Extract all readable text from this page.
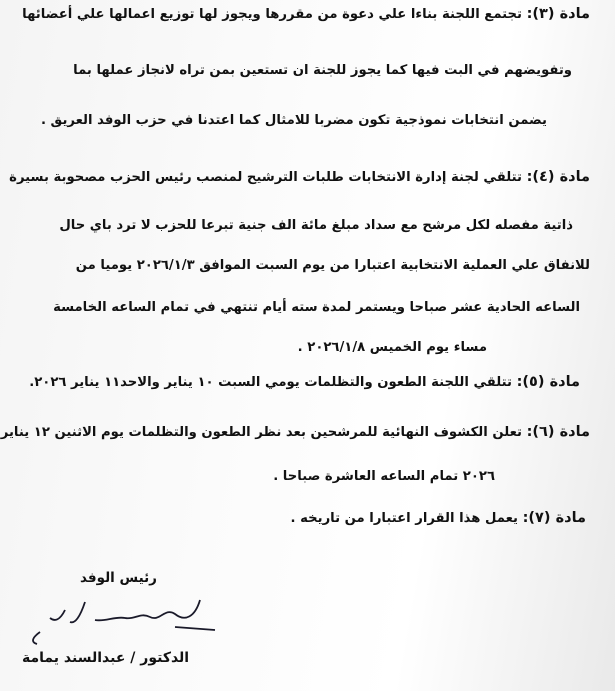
مادة (٣): تجتمع اللجنة بناءا علي دعوة من مقررها ويجوز لها توزيع اعمالها علي أعضائها
وتفويضهم في البت فيها كما يجوز للجنة ان تستعين بمن تراه لانجاز عملها بما
يضمن انتخابات نموذجية تكون مضربا للامثال كما اعتدنا في حزب الوفد العريق .
مادة (٤): تتلقي لجنة إدارة الانتخابات طلبات الترشيح لمنصب رئيس الحزب مصحوبة بسيرة
ذاتية مفصله لكل مرشح مع سداد مبلغ مائة الف جنية تبرعا للحزب لا ترد باي حال
للانفاق علي العملية الانتخابية اعتبارا من يوم السبت الموافق ٢٠٢٦/١/٣ يوميا من
الساعه الحادية عشر صباحا ويستمر لمدة سته أيام تنتهي في تمام الساعه الخامسة
مساء يوم الخميس ٢٠٢٦/١/٨ .
مادة (٥): تتلقي اللجنة الطعون والتظلمات يومي السبت ١٠ يناير والاحد١١ يناير ٢٠٢٦.
مادة (٦): تعلن الكشوف النهائية للمرشحين بعد نظر الطعون والتظلمات يوم الاثنين ١٢ يناير
٢٠٢٦ تمام الساعه العاشرة صباحا .
مادة (٧): يعمل هذا القرار اعتبارا من تاريخه .
رئيس الوفد
الدكتور / عبدالسند يمامة
